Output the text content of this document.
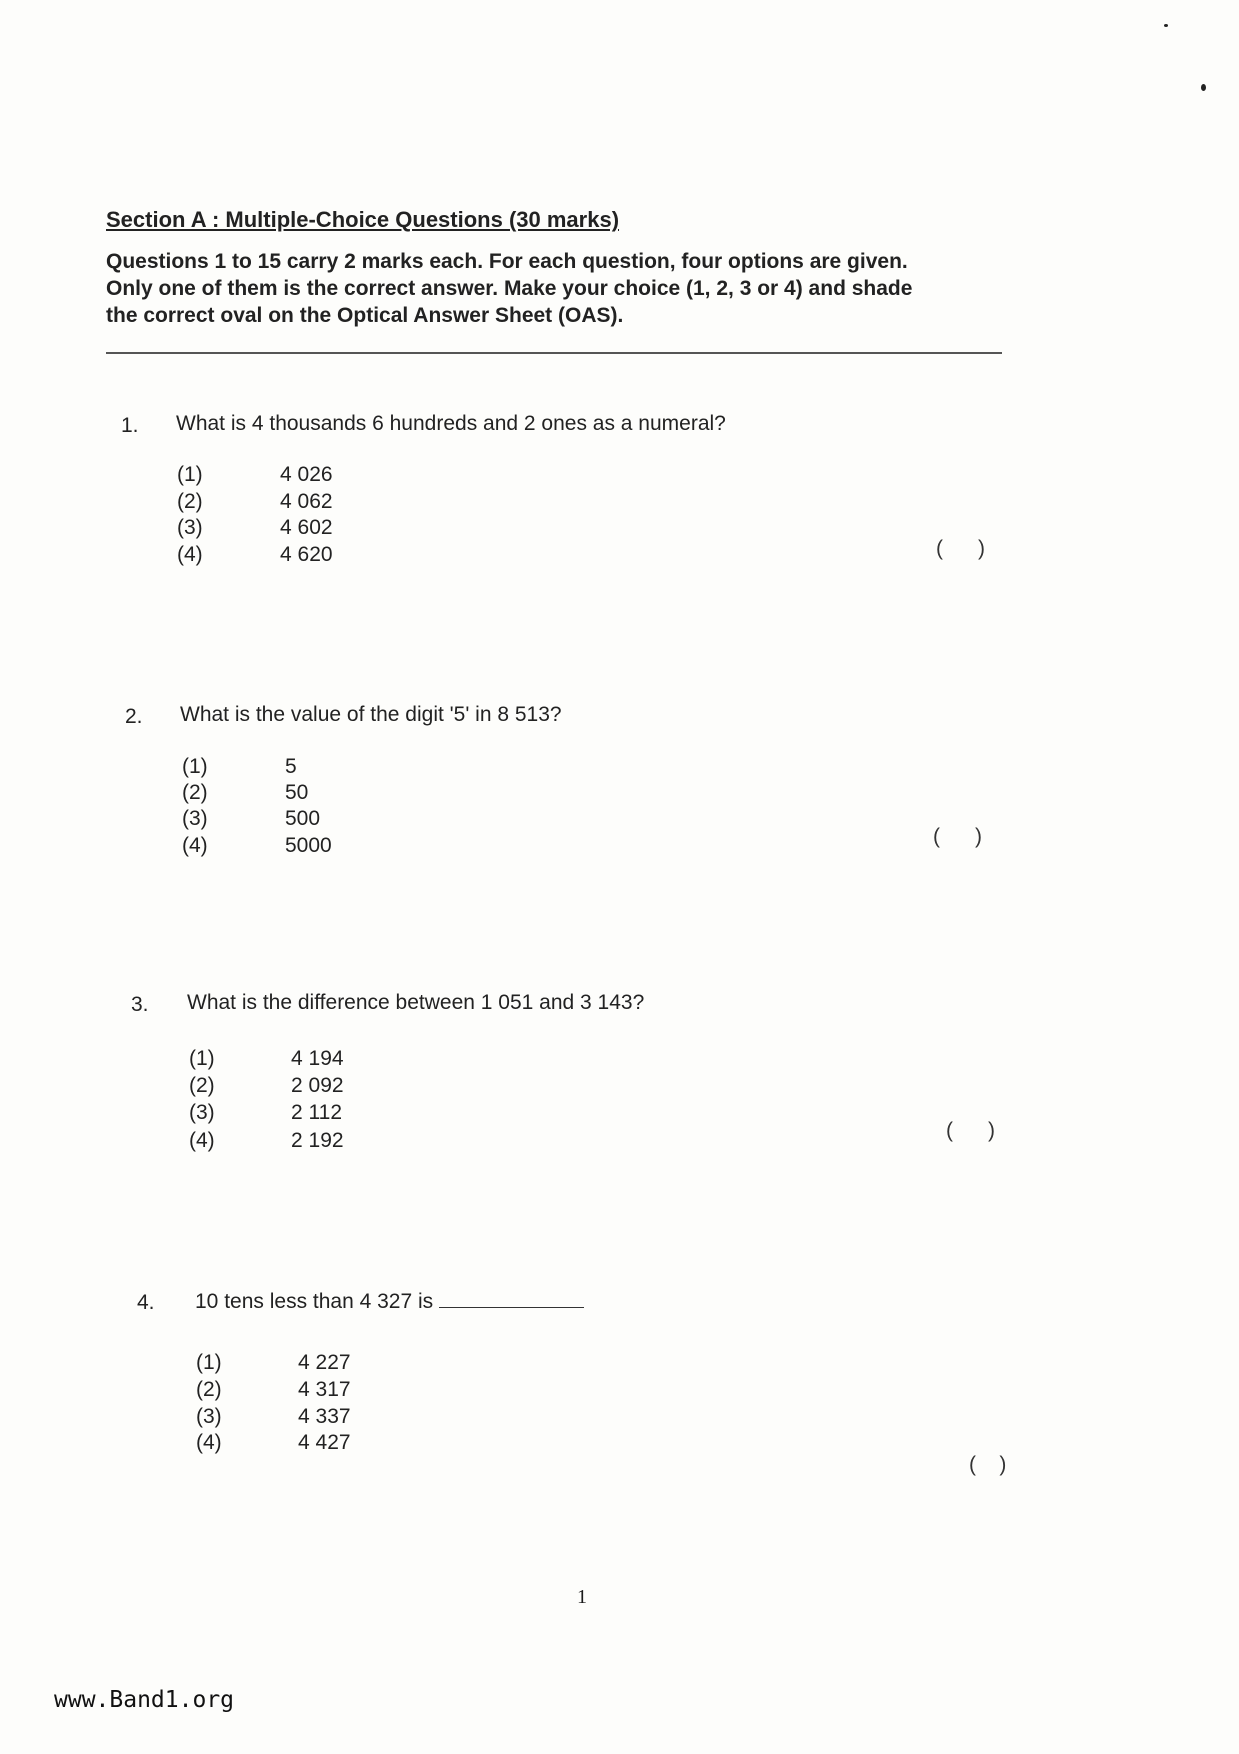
Section A : Multiple-Choice Questions (30 marks)
Questions 1 to 15 carry 2 marks each. For each question, four options are given.
Only one of them is the correct answer. Make your choice (1, 2, 3 or 4) and shade
the correct oval on the Optical Answer Sheet (OAS).
1. What is 4 thousands 6 hundreds and 2 ones as a numeral?
(1)	4 026
(2)	4 062
(3)	4 602
(4)	4 620	(      )
2. What is the value of the digit '5' in 8 513?
(1)	5
(2)	50
(3)	500
(4)	5000	(      )
3. What is the difference between 1 051 and 3 143?
(1)	4 194
(2)	2 092
(3)	2 112
(4)	2 192	(      )
4. 10 tens less than 4 327 is
(1)	4 227
(2)	4 317
(3)	4 337
(4)	4 427
(    )
1
www.Band1.org
